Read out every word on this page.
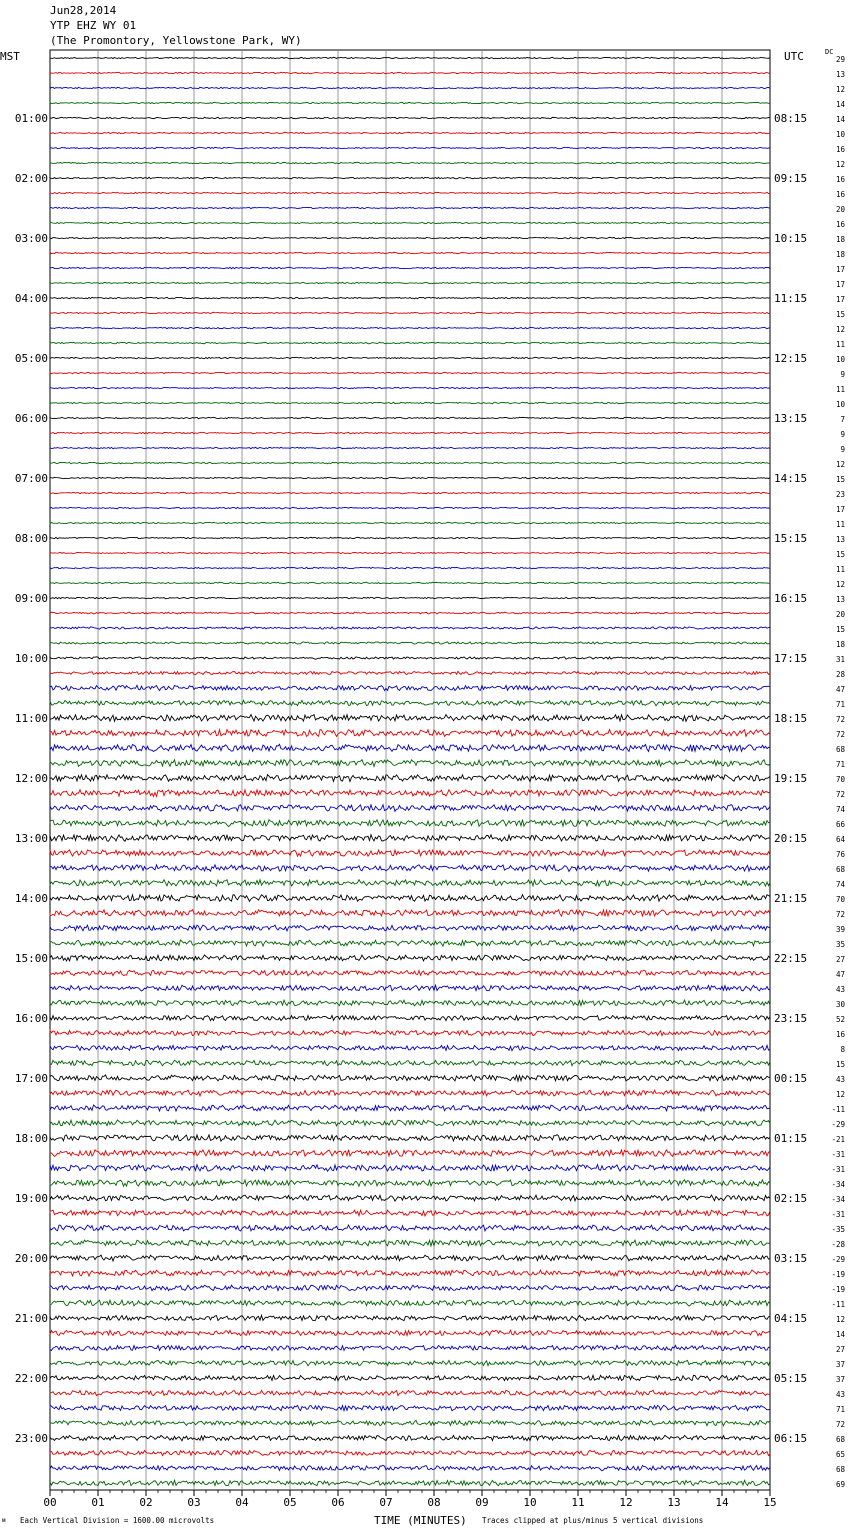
Jun28,2014
YTP EHZ WY 01
(The Promontory, Yellowstone Park, WY)
MST	UTC	DC
00	01	02	03	04	05	06	07	08	09	10	11	12	13	14	15
29
13
12
14
14
10
16
12
16
16
20
16
18
18
17
17
17
15
12
11
10
9
11
10
7
9
9
12
15
23
17
11
13
15
11
12
13
20
15
18
31
28
47
71
72
72
68
71
70
72
74
66
64
76
68
74
70
72
39
35
27
47
43
30
52
16
8
15
43
12
-11
-29
-21
-31
-31
-34
-34
-31
-35
-28
-29
-19
-19
-11
12
14
27
37
37
43
71
72
68
65
68
69
01:00
02:00
03:00
04:00
05:00
06:00
07:00
08:00
09:00
10:00
11:00
12:00
13:00
14:00
15:00
16:00
17:00
18:00
19:00
20:00
21:00
22:00
23:00
08:15
09:15
10:15
11:15
12:15
13:15
14:15
15:15
16:15
17:15
18:15
19:15
20:15
21:15
22:15
23:15
00:15
01:15
02:15
03:15
04:15
05:15
06:15
ᴍ Each Vertical Division = 1600.00 microvolts	TIME (MINUTES) Traces clipped at plus/minus 5 vertical divisions
